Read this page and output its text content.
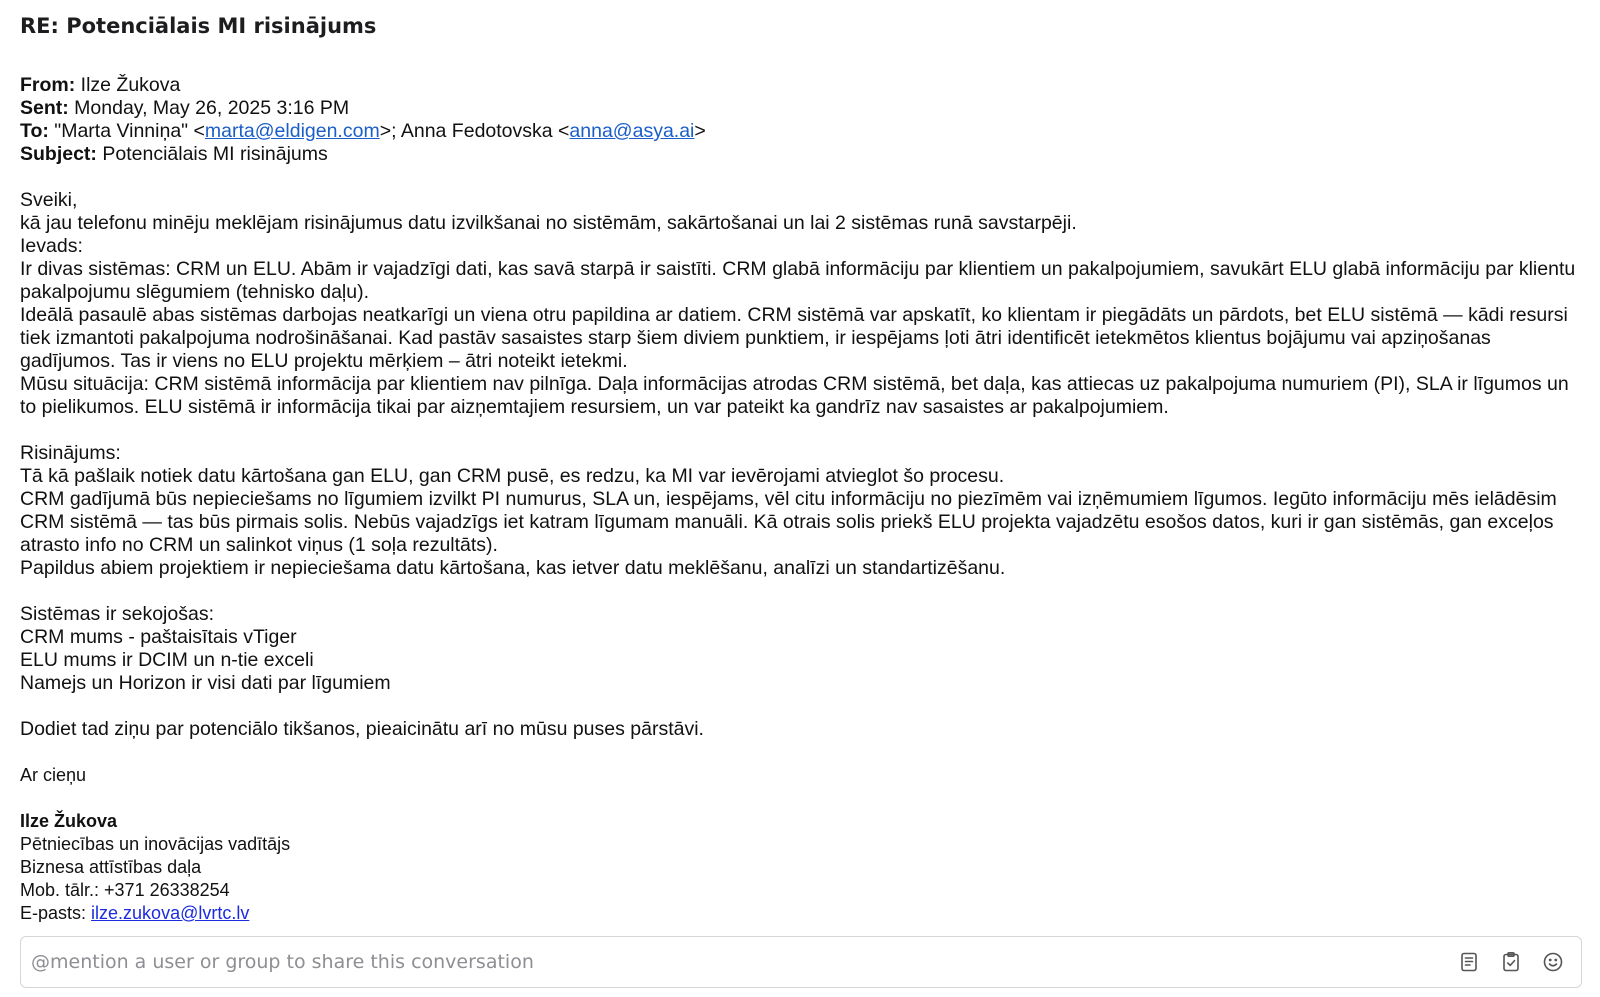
RE: Potenciālais MI risinājums

From: Ilze Žukova

Sent: Monday, May 26, 2025 3:16 PM

To: "Marta Vinniņa" <marta@eldigen.com>; Anna Fedotovska <anna@asya.ai>

Subject: Potenciālais MI risinājums

Sveiki,

kā jau telefonu minēju meklējam risinājumus datu izvilkšanai no sistēmām, sakārtošanai un lai 2 sistēmas runā savstarpēji.

Ievads:

Ir divas sistēmas: CRM un ELU. Abām ir vajadzīgi dati, kas savā starpā ir saistīti. CRM glabā informāciju par klientiem un pakalpojumiem, savukārt ELU glabā informāciju par klientu pakalpojumu slēgumiem (tehnisko daļu).

Ideālā pasaulē abas sistēmas darbojas neatkarīgi un viena otru papildina ar datiem. CRM sistēmā var apskatīt, ko klientam ir piegādāts un pārdots, bet ELU sistēmā — kādi resursi tiek izmantoti pakalpojuma nodrošināšanai. Kad pastāv sasaistes starp šiem diviem punktiem, ir iespējams ļoti ātri identificēt ietekmētos klientus bojājumu vai apziņošanas gadījumos. Tas ir viens no ELU projektu mērķiem – ātri noteikt ietekmi.

Mūsu situācija: CRM sistēmā informācija par klientiem nav pilnīga. Daļa informācijas atrodas CRM sistēmā, bet daļa, kas attiecas uz pakalpojuma numuriem (PI), SLA ir līgumos un to pielikumos. ELU sistēmā ir informācija tikai par aizņemtajiem resursiem, un var pateikt ka gandrīz nav sasaistes ar pakalpojumiem.

Risinājums:

Tā kā pašlaik notiek datu kārtošana gan ELU, gan CRM pusē, es redzu, ka MI var ievērojami atvieglot šo procesu.

CRM gadījumā būs nepieciešams no līgumiem izvilkt PI numurus, SLA un, iespējams, vēl citu informāciju no piezīmēm vai izņēmumiem līgumos. Iegūto informāciju mēs ielādēsim CRM sistēmā — tas būs pirmais solis. Nebūs vajadzīgs iet katram līgumam manuāli. Kā otrais solis priekš ELU projekta vajadzētu esošos datos, kuri ir gan sistēmās, gan exceļos atrasto info no CRM un salinkot viņus (1 soļa rezultāts).

Papildus abiem projektiem ir nepieciešama datu kārtošana, kas ietver datu meklēšanu, analīzi un standartizēšanu.

Sistēmas ir sekojošas:

CRM mums - paštaisītais vTiger

ELU mums ir DCIM un n-tie exceli

Namejs un Horizon ir visi dati par līgumiem

Dodiet tad ziņu par potenciālo tikšanos, pieaicinātu arī no mūsu puses pārstāvi.

Ar cieņu

Ilze Žukova

Pētniecības un inovācijas vadītājs

Biznesa attīstības daļa

Mob. tālr.: +371 26338254

E-pasts: ilze.zukova@lvrtc.lv

@mention a user or group to share this conversation
